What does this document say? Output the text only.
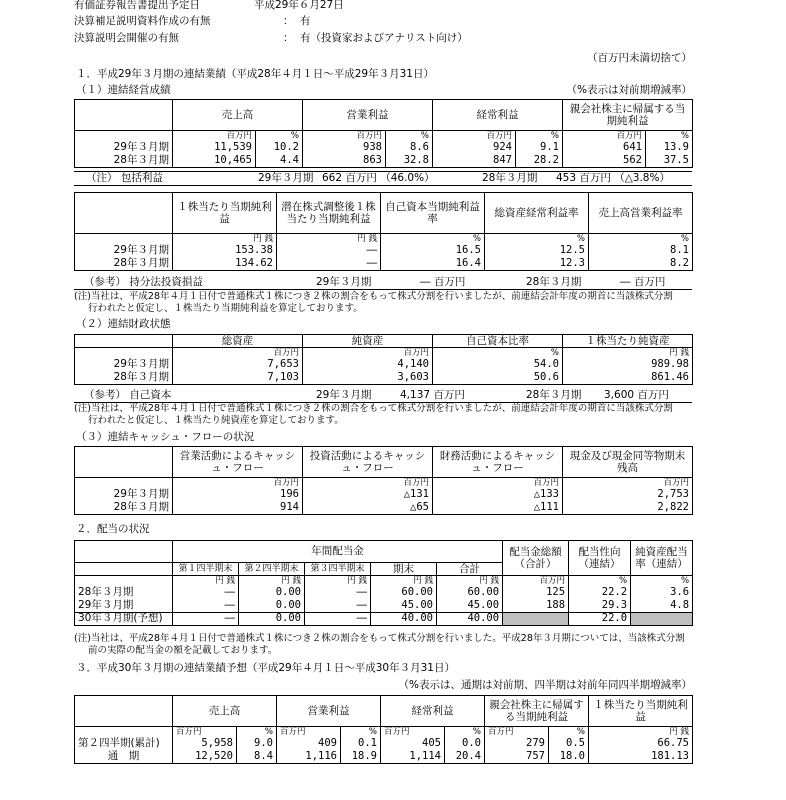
有価証券報告書提出予定日	平成29年６月27日
決算補足説明資料作成の有無	： 有
決算説明会開催の有無	： 有（投資家およびアナリスト向け）
（百万円未満切捨て）
１．平成29年３月期の連結業績（平成28年４月１日～平成29年３月31日）
（１）連結経営成績	（%表示は対前期増減率）
	売上高		営業利益		経常利益		親会社株主に帰属する当期純利益	
	百万円	%	百万円	%	百万円	%	百万円	%
29年３月期	11,539	10.2	938	8.6	924	9.1	641	13.9
28年３月期	10,465	4.4	863	32.8	847	28.2	562	37.5
（注） 包括利益	29年３月期 662 百万円 （46.0%）	28年３月期 453 百万円 （△3.8%）
	１株当たり当期純利益	潜在株式調整後１株当たり当期純利益	自己資本当期純利益率	総資産経常利益率	売上高営業利益率
	円 銭	円 銭	%	%	%
29年３月期	153.38	―	16.5	12.5	8.1
28年３月期	134.62	―	16.4	12.3	8.2
（参考） 持分法投資損益	29年３月期	― 百万円	28年３月期	― 百万円
(注)当社は、平成28年４月１日付で普通株式１株につき２株の割合をもって株式分割を行いましたが、前連結会計年度の期首に当該株式分割
行われたと仮定し、１株当たり当期純利益を算定しております。
（２）連結財政状態
	総資産	純資産	自己資本比率	１株当たり純資産
	百万円	百万円	%	円 銭
29年３月期	7,653	4,140	54.0	989.98
28年３月期	7,103	3,603	50.6	861.46
（参考） 自己資本	29年３月期	4,137 百万円	28年３月期 3,600 百万円
(注)当社は、平成28年４月１日付で普通株式１株につき２株の割合をもって株式分割を行いましたが、前連結会計年度の期首に当該株式分割
行われたと仮定し、１株当たり純資産を算定しております。
（３）連結キャッシュ・フローの状況
	営業活動によるキャッシュ・フロー	投資活動によるキャッシュ・フロー	財務活動によるキャッシュ・フロー	現金及び現金同等物期末残高
	百万円	百万円	百万円	百万円
29年３月期	196	△131	△133	2,753
28年３月期	914	△65	△111	2,822
２．配当の状況
	年間配当金					配当金総額（合計）	配当性向（連結）	純資産配当率（連結）
	第１四半期末	第２四半期末	第３四半期末	期末	合計			
	円 銭	円 銭	円 銭	円 銭	円 銭	百万円	%	%
28年３月期	―	0.00	―	60.00	60.00	125	22.2	3.6
29年３月期	―	0.00	―	45.00	45.00	188	29.3	4.8
30年３月期(予想)	―	0.00	―	40.00	40.00		22.0	
(注)当社は、平成28年４月１日付で普通株式１株につき２株の割合をもって株式分割を行いました。平成28年３月期については、当該株式分割
前の実際の配当金の額を記載しております。
３．平成30年３月期の連結業績予想（平成29年４月１日～平成30年３月31日）
（%表示は、通期は対前期、四半期は対前年同四半期増減率）
	売上高		営業利益		経常利益		親会社株主に帰属する当期純利益		１株当たり当期純利益
	百万円	%	百万円	%	百万円	%	百万円	%	円 銭
第２四半期(累計)	5,958	9.0	409	0.1	405	0.0	279	0.5	66.75
通　期	12,520	8.4	1,116	18.9	1,114	20.4	757	18.0	181.13
